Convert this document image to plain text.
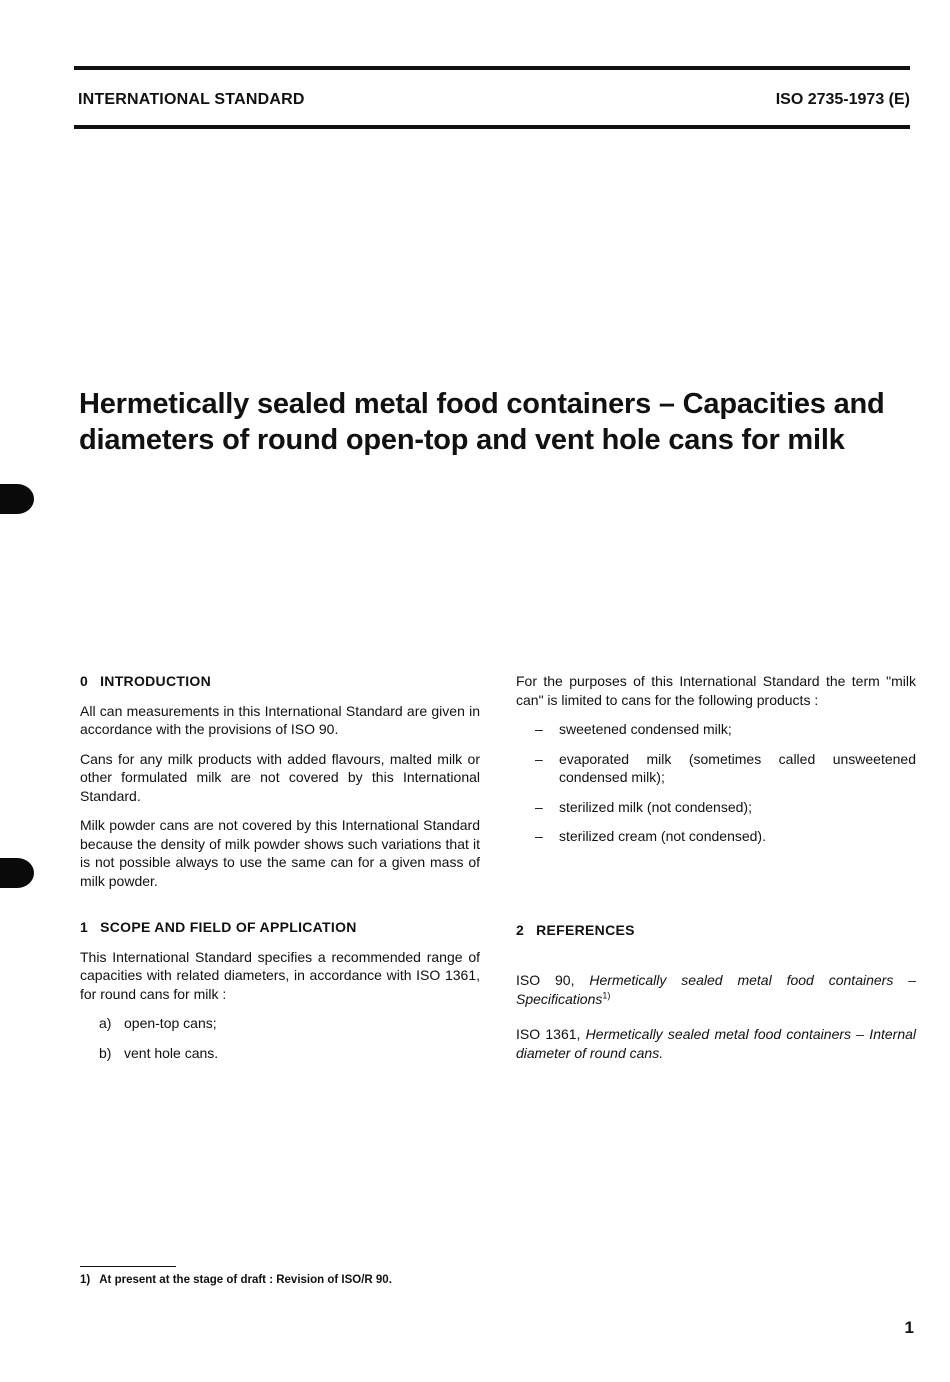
INTERNATIONAL STANDARD	ISO 2735-1973 (E)
Hermetically sealed metal food containers – Capacities and
diameters of round open-top and vent hole cans for milk
0 INTRODUCTION

All can measurements in this International Standard are given in accordance with the provisions of ISO 90.

Cans for any milk products with added flavours, malted milk or other formulated milk are not covered by this International Standard.

Milk powder cans are not covered by this International Standard because the density of milk powder shows such variations that it is not possible always to use the same can for a given mass of milk powder.

1 SCOPE AND FIELD OF APPLICATION

This International Standard specifies a recommended range of capacities with related diameters, in accordance with ISO 1361, for round cans for milk :

a) open-top cans;
b) vent hole cans.

For the purposes of this International Standard the term "milk can" is limited to cans for the following products :

–	sweetened condensed milk;
–	evaporated milk (sometimes called unsweetened condensed milk);
–	sterilized milk (not condensed);
–	sterilized cream (not condensed).
2 REFERENCES

ISO 90, Hermetically sealed metal food containers – Specifications$^{1)}$

ISO 1361, Hermetically sealed metal food containers – Internal diameter of round cans.

1) At present at the stage of draft : Revision of ISO/R 90.
1
